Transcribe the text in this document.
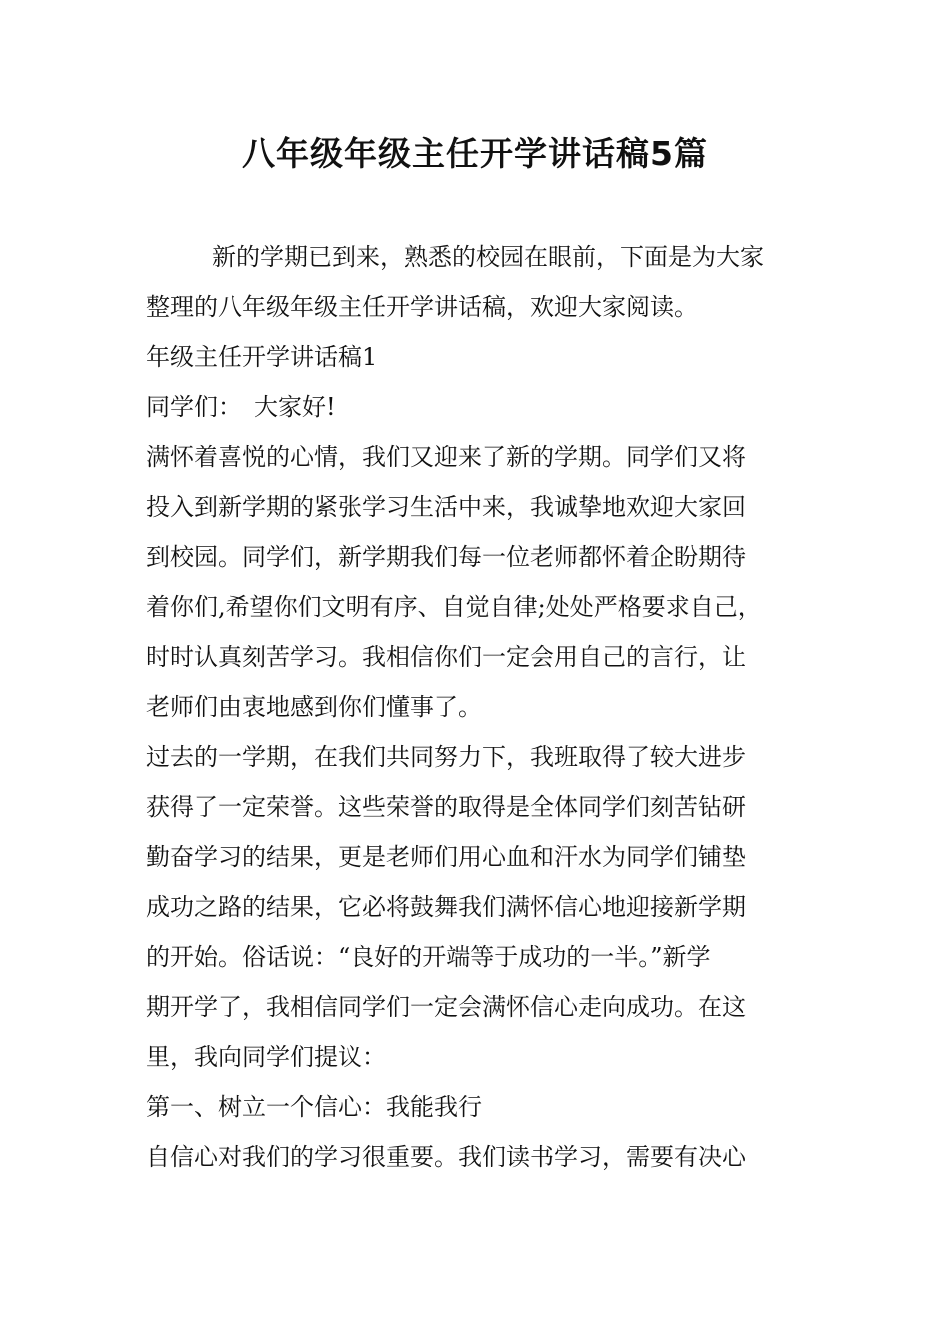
八年级年级主任开学讲话稿5篇
新的学期已到来，熟悉的校园在眼前，下面是为大家
整理的八年级年级主任开学讲话稿，欢迎大家阅读。
年级主任开学讲话稿1
同学们：　大家好!
满怀着喜悦的心情，我们又迎来了新的学期。同学们又将
投入到新学期的紧张学习生活中来，我诚挚地欢迎大家回
到校园。同学们，新学期我们每一位老师都怀着企盼期待
着你们,希望你们文明有序、自觉自律;处处严格要求自己，
时时认真刻苦学习。我相信你们一定会用自己的言行，让
老师们由衷地感到你们懂事了。
过去的一学期，在我们共同努力下，我班取得了较大进步
获得了一定荣誉。这些荣誉的取得是全体同学们刻苦钻研
勤奋学习的结果，更是老师们用心血和汗水为同学们铺垫
成功之路的结果，它必将鼓舞我们满怀信心地迎接新学期
的开始。俗话说：“良好的开端等于成功的一半。”新学
期开学了，我相信同学们一定会满怀信心走向成功。在这
里，我向同学们提议：
第一、树立一个信心：我能我行
自信心对我们的学习很重要。我们读书学习，需要有决心
